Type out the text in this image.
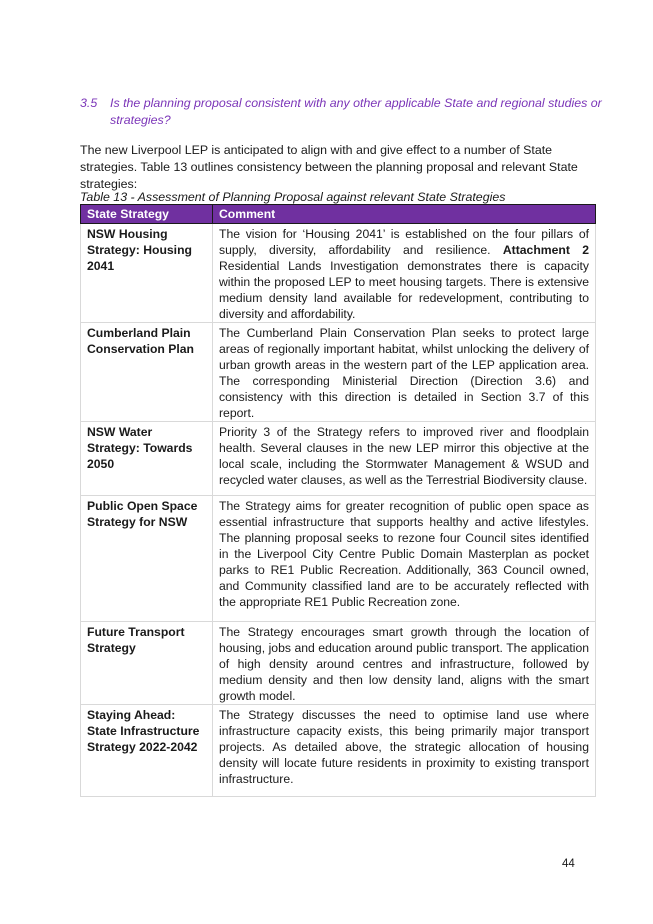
3.5 Is the planning proposal consistent with any other applicable State and regional studies or strategies?

The new Liverpool LEP is anticipated to align with and give effect to a number of State strategies. Table 13 outlines consistency between the planning proposal and relevant State strategies:

Table 13 - Assessment of Planning Proposal against relevant State Strategies

State Strategy	Comment
NSW Housing Strategy: Housing 2041	The vision for ‘Housing 2041’ is established on the four pillars of supply, diversity, affordability and resilience. Attachment 2 Residential Lands Investigation demonstrates there is capacity within the proposed LEP to meet housing targets. There is extensive medium density land available for redevelopment, contributing to diversity and affordability.
Cumberland Plain Conservation Plan	The Cumberland Plain Conservation Plan seeks to protect large areas of regionally important habitat, whilst unlocking the delivery of urban growth areas in the western part of the LEP application area. The corresponding Ministerial Direction (Direction 3.6) and consistency with this direction is detailed in Section 3.7 of this report.
NSW Water Strategy: Towards 2050	Priority 3 of the Strategy refers to improved river and floodplain health. Several clauses in the new LEP mirror this objective at the local scale, including the Stormwater Management & WSUD and recycled water clauses, as well as the Terrestrial Biodiversity clause.
Public Open Space Strategy for NSW	The Strategy aims for greater recognition of public open space as essential infrastructure that supports healthy and active lifestyles. The planning proposal seeks to rezone four Council sites identified in the Liverpool City Centre Public Domain Masterplan as pocket parks to RE1 Public Recreation. Additionally, 363 Council owned, and Community classified land are to be accurately reflected with the appropriate RE1 Public Recreation zone.
Future Transport Strategy	The Strategy encourages smart growth through the location of housing, jobs and education around public transport. The application of high density around centres and infrastructure, followed by medium density and then low density land, aligns with the smart growth model.
Staying Ahead: State Infrastructure Strategy 2022-2042	The Strategy discusses the need to optimise land use where infrastructure capacity exists, this being primarily major transport projects. As detailed above, the strategic allocation of housing density will locate future residents in proximity to existing transport infrastructure.
44
